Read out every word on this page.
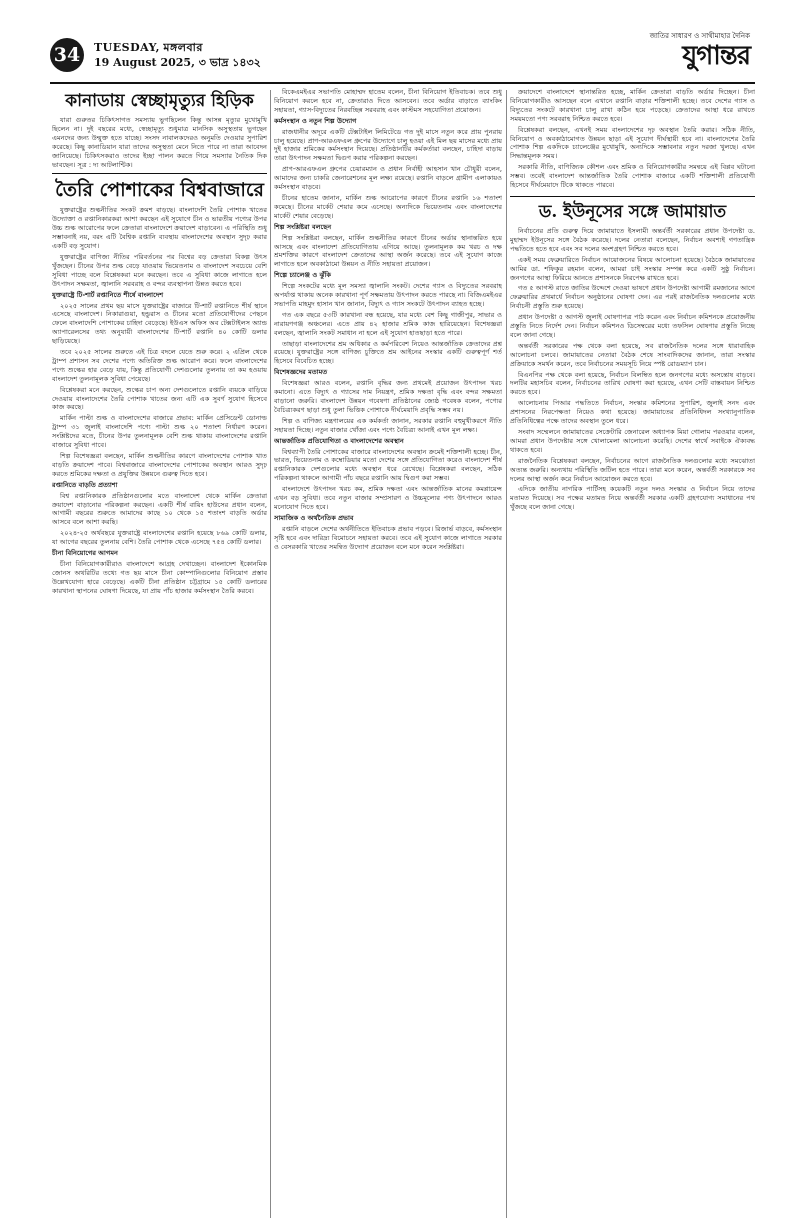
34	TUESDAY, মঙ্গলবার
19 August 2025, ৩ ভাদ্র ১৪৩২
জাতির সাধারণ ও সাথীমাহার দৈনিক
যুগান্তর
কানাডায় স্বেচ্ছামৃত্যুর হিড়িক

যারা গুরুতর চিকিৎসাগত সমস্যায় ভুগছিলেন কিন্তু আসন্ন মৃত্যুর মুখোমুখি ছিলেন না। দুই বছরের মধ্যে, স্বেচ্ছামৃত্যু শুধুমাত্র মানসিক অসুস্থতায় ভুগছেন এমনদের জন্য উন্মুক্ত হতে যাচ্ছে। সংসদ নাবালকদেরও অনুমতি দেওয়ার সুপারিশ করেছে। কিছু কানাডিয়ান যারা তাদের অসুস্থতা মেনে নিতে পারে না তারা আবেদন জানিয়েছে। চিকিৎসকরাও তাদের ইচ্ছা পালন করতে গিয়ে সমস্যার নৈতিক দিক ভাবছেন। সূত্র : দ্য আটলান্টিক।

তৈরি পোশাকের বিশ্ববাজারে

যুক্তরাষ্ট্রের শুল্কনীতির সংকট ক্রমশ বাড়ছে। বাংলাদেশি তৈরি পোশাক খাতের উদ্যোক্তা ও রপ্তানিকারকরা আশা করছেন এই সুযোগে চীন ও ভারতীয় পণ্যের উপর উচ্চ শুল্ক আরোপের ফলে ক্রেতারা বাংলাদেশে ক্রয়াদেশ বাড়াবেন। এ পরিস্থিতি শুধু সম্ভাবনাই নয়, বরং এটি বৈশ্বিক রপ্তানি ব্যবস্থায় বাংলাদেশের অবস্থান সুদৃঢ় করার একটি বড় সুযোগ।

যুক্তরাষ্ট্রের বাণিজ্য নীতির পরিবর্তনের পর বিশ্বের বড় ক্রেতারা বিকল্প উৎস খুঁজছেন। চীনের উপর শুল্ক বেড়ে যাওয়ায় ভিয়েতনাম ও বাংলাদেশ সবচেয়ে বেশি সুবিধা পাচ্ছে বলে বিশ্লেষকরা মনে করছেন। তবে এ সুবিধা কাজে লাগাতে হলে উৎপাদন সক্ষমতা, জ্বালানি সরবরাহ ও বন্দর ব্যবস্থাপনা উন্নত করতে হবে।

যুক্তরাষ্ট্রে টি-শার্ট রপ্তানিতে শীর্ষে বাংলাদেশ

২০২৫ সালের প্রথম ছয় মাসে যুক্তরাষ্ট্রের বাজারে টি-শার্ট রপ্তানিতে শীর্ষ স্থানে এসেছে বাংলাদেশ। নিকারাগুয়া, হন্ডুরাস ও চীনের মতো প্রতিযোগীদের পেছনে ফেলে বাংলাদেশি পোশাকের চাহিদা বেড়েছে। ইউএস অফিস অব টেক্সটাইলস অ্যান্ড অ্যাপারেলসের তথ্য অনুযায়ী বাংলাদেশের টি-শার্ট রপ্তানি ৪০ কোটি ডলার ছাড়িয়েছে।

তবে ২০২৫ সালের শুরুতে এই চিত্র বদলে যেতে শুরু করে। ২ এপ্রিল থেকে ট্রাম্প প্রশাসন সব দেশের পণ্যে অতিরিক্ত শুল্ক আরোপ করে। ফলে বাংলাদেশের পণ্যে শুল্কের হার বেড়ে যায়, কিন্তু প্রতিযোগী দেশগুলোর তুলনায় তা কম হওয়ায় বাংলাদেশ তুলনামূলক সুবিধা পেয়েছে।

বিশ্লেষকরা মনে করছেন, শুল্কের চাপ অন্য দেশগুলোতে রপ্তানি ব্যয়কে বাড়িয়ে দেওয়ায় বাংলাদেশের তৈরি পোশাক খাতের জন্য এটি এক সুবর্ণ সুযোগ হিসেবে কাজ করছে।

মার্কিন পাল্টা শুল্ক ও বাংলাদেশের বাজারে প্রভাব: মার্কিন প্রেসিডেন্ট ডোনাল্ড ট্রাম্প ৩১ জুলাই বাংলাদেশি পণ্যে পাল্টা শুল্ক ২০ শতাংশ নির্ধারণ করেন। সংশ্লিষ্টদের মতে, চীনের উপর তুলনামূলক বেশি শুল্ক থাকায় বাংলাদেশের রপ্তানি বাজারে সুবিধা পাবে।

শিল্প বিশেষজ্ঞরা বলছেন, মার্কিন শুল্কনীতির কারণে বাংলাদেশের পোশাক খাত বাড়তি ক্রয়াদেশ পাবে। বিশ্ববাজারে বাংলাদেশের পোশাকের অবস্থান আরও সুদৃঢ় করতে শ্রমিকের দক্ষতা ও প্রযুক্তির উন্নয়নে গুরুত্ব দিতে হবে।

রপ্তানিতে বাড়তি প্রত্যাশা

বিশ্ব রপ্তানিকারক প্রতিষ্ঠানগুলোর মতে বাংলাদেশ থেকে মার্কিন ক্রেতারা ক্রয়াদেশ বাড়ানোর পরিকল্পনা করছেন। একটি শীর্ষ বায়িং হাউসের প্রধান বলেন, আগামী বছরের শুরুতে আমাদের কাছে ১০ থেকে ১৫ শতাংশ বাড়তি অর্ডার আসবে বলে আশা করছি।

২০২৪-২৫ অর্থবছরে যুক্তরাষ্ট্রে বাংলাদেশের রপ্তানি হয়েছে ৮৬৯ কোটি ডলার, যা আগের বছরের তুলনায় বেশি। তৈরি পোশাক থেকে এসেছে ৭৫৪ কোটি ডলার।

চীনা বিনিয়োগের আগমন

চীনা বিনিয়োগকারীরাও বাংলাদেশে আগ্রহ দেখাচ্ছেন। বাংলাদেশ ইকোনমিক জোনস অথরিটির তথ্যে গত ছয় মাসে চীনা কোম্পানিগুলোর বিনিয়োগ প্রস্তাব উল্লেখযোগ্য হারে বেড়েছে। একটি চীনা প্রতিষ্ঠান চট্টগ্রামে ১৫ কোটি ডলারের কারখানা স্থাপনের ঘোষণা দিয়েছে, যা প্রায় পাঁচ হাজার কর্মসংস্থান তৈরি করবে।

বিকেএমইএর সভাপতি মোহাম্মদ হাতেম বলেন, চীনা বিনিয়োগ ইতিবাচক। তবে শুধু বিনিয়োগ করলে হবে না, ক্রেতারাও দিতে আসবেন। তবে অর্ডার বাড়াতে ব্যাংকিং সহায়তা, গ্যাস-বিদ্যুতের নিরবচ্ছিন্ন সরবরাহ এবং কাস্টমস সহযোগিতা প্রয়োজন।

কর্মসংস্থান ও নতুন শিল্প উদ্যোগ

রাজধানীর অদূরে একটি টেক্সটাইল লিমিটেডে গত দুই মাসে নতুন করে প্রায় পুনরায় চালু হয়েছে। প্রাণ-আরএফএল গ্রুপের উদ্যোগে চালু হওয়া এই মিল ছয় মাসের মধ্যে প্রায় দুই হাজার শ্রমিকের কর্মসংস্থান দিয়েছে। প্রতিষ্ঠানটির কর্মকর্তারা বলছেন, চাহিদা বাড়ায় তারা উৎপাদন সক্ষমতা দ্বিগুণ করার পরিকল্পনা করছেন।

প্রাণ-আরএফএল গ্রুপের চেয়ারম্যান ও প্রধান নির্বাহী আহসান খান চৌধুরী বলেন, আমাদের জন্য চাকরি জেনারেশনের মূল লক্ষ্য রয়েছে। রপ্তানি বাড়লে গ্রামীণ এলাকায়ও কর্মসংস্থান বাড়বে।

চীনের হাতেম জানান, মার্কিন শুল্ক আরোপের কারণে চীনের রপ্তানি ১৬ শতাংশ কমেছে। চীনের মার্কেট শেয়ার কমে এসেছে। অন্যদিকে ভিয়েতনাম এবং বাংলাদেশের মার্কেট শেয়ার বেড়েছে।

শিল্প সংশ্লিষ্টরা বলছেন

শিল্প সংশ্লিষ্টরা বলছেন, মার্কিন শুল্কনীতির কারণে চীনের অর্ডার স্থানান্তরিত হয়ে আসছে এবং বাংলাদেশ প্রতিযোগিতায় এগিয়ে আছে। তুলনামূলক কম খরচ ও দক্ষ শ্রমশক্তির কারণে বাংলাদেশ ক্রেতাদের আস্থা অর্জন করেছে। তবে এই সুযোগ কাজে লাগাতে হলে অবকাঠামো উন্নয়ন ও নীতি সহায়তা প্রয়োজন।

শিল্পে চ্যালেঞ্জ ও ঝুঁকি

শিল্পে সংকটের মধ্যে মূল সমস্যা জ্বালানি সংকট। দেশের গ্যাস ও বিদ্যুতের সরবরাহ অপর্যাপ্ত থাকায় অনেক কারখানা পূর্ণ সক্ষমতায় উৎপাদন করতে পারছে না। বিজিএমইএর সভাপতি মাহমুদ হাসান খান জানান, বিদ্যুৎ ও গ্যাস সংকটে উৎপাদন ব্যাহত হচ্ছে।

গত এক বছরে ৫৩টি কারখানা বন্ধ হয়েছে, যার মধ্যে বেশ কিছু গাজীপুর, সাভার ও নারায়ণগঞ্জ অঞ্চলের। এতে প্রায় ৪২ হাজার শ্রমিক কাজ হারিয়েছেন। বিশেষজ্ঞরা বলছেন, জ্বালানি সংকট সমাধান না হলে এই সুযোগ হাতছাড়া হতে পারে।

তাছাড়া বাংলাদেশের শ্রম অধিকার ও কর্মপরিবেশ নিয়েও আন্তর্জাতিক ক্রেতাদের প্রশ্ন রয়েছে। যুক্তরাষ্ট্রের সঙ্গে বাণিজ্য চুক্তিতে শ্রম আইনের সংস্কার একটি গুরুত্বপূর্ণ শর্ত হিসেবে বিবেচিত হচ্ছে।

বিশেষজ্ঞদের মতামত

বিশেষজ্ঞরা আরও বলেন, রপ্তানি বৃদ্ধির জন্য প্রথমেই প্রয়োজন উৎপাদন খরচ কমানো। এতে বিদ্যুৎ ও গ্যাসের দাম নিয়ন্ত্রণ, শ্রমিক দক্ষতা বৃদ্ধি এবং বন্দর সক্ষমতা বাড়ানো জরুরি। বাংলাদেশ উন্নয়ন গবেষণা প্রতিষ্ঠানের জ্যেষ্ঠ গবেষক বলেন, পণ্যের বৈচিত্র্যকরণ ছাড়া শুধু তুলা ভিত্তিক পোশাকে দীর্ঘমেয়াদি প্রবৃদ্ধি সম্ভব নয়।

শিল্প ও বাণিজ্য মন্ত্রণালয়ের এক কর্মকর্তা জানান, সরকার রপ্তানি বহুমুখীকরণে নীতি সহায়তা দিচ্ছে। নতুন বাজার খোঁজা এবং পণ্যে বৈচিত্র্য আনাই এখন মূল লক্ষ্য।

আন্তর্জাতিক প্রতিযোগিতা ও বাংলাদেশের অবস্থান

বিশ্বব্যাপী তৈরি পোশাকের বাজারে বাংলাদেশের অবস্থান ক্রমেই শক্তিশালী হচ্ছে। চীন, ভারত, ভিয়েতনাম ও কম্বোডিয়ার মতো দেশের সঙ্গে প্রতিযোগিতা করেও বাংলাদেশ শীর্ষ রপ্তানিকারক দেশগুলোর মধ্যে অবস্থান ধরে রেখেছে। বিশ্লেষকরা বলছেন, সঠিক পরিকল্পনা থাকলে আগামী পাঁচ বছরে রপ্তানি আয় দ্বিগুণ করা সম্ভব।

বাংলাদেশে উৎপাদন খরচ কম, শ্রমিক দক্ষতা এবং আন্তর্জাতিক মানের কমপ্লায়েন্স এখন বড় সুবিধা। তবে নতুন বাজার সম্প্রসারণ ও উচ্চমূল্যের পণ্য উৎপাদনে আরও মনোযোগ দিতে হবে।

সামাজিক ও অর্থনৈতিক প্রভাব

রপ্তানি বাড়লে দেশের অর্থনীতিতে ইতিবাচক প্রভাব পড়বে। রিজার্ভ বাড়বে, কর্মসংস্থান সৃষ্টি হবে এবং দারিদ্র্য বিমোচনে সহায়তা করবে। তবে এই সুযোগ কাজে লাগাতে সরকার ও বেসরকারি খাতের সমন্বিত উদ্যোগ প্রয়োজন বলে মনে করেন সংশ্লিষ্টরা।

ক্রয়াদেশে বাংলাদেশে স্থানান্তরিত হচ্ছে, মার্কিন ক্রেতারা বাড়তি অর্ডার দিচ্ছেন। চীনা বিনিয়োগকারীও আসছেন বলে এখানে রপ্তানি বাড়ার শক্তিশালী হচ্ছে। তবে দেশের গ্যাস ও বিদ্যুতের সংকটে কারখানা চালু রাখা কঠিন হয়ে পড়েছে। ক্রেতাদের আস্থা ধরে রাখতে সময়মতো পণ্য সরবরাহ নিশ্চিত করতে হবে।

বিশ্লেষকরা বলছেন, এখনই সময় বাংলাদেশের দৃঢ় অবস্থান তৈরি করার। সঠিক নীতি, বিনিয়োগ ও অবকাঠামোগত উন্নয়ন ছাড়া এই সুযোগ দীর্ঘস্থায়ী হবে না। বাংলাদেশের তৈরি পোশাক শিল্প একদিকে চ্যালেঞ্জের মুখোমুখি, অন্যদিকে সম্ভাবনার নতুন দরজা খুলছে। এখন সিদ্ধান্তমূলক সময়।

সরকারি নীতি, বাণিজ্যিক কৌশল এবং শ্রমিক ও বিনিয়োগকারীর সমন্বয়ে এই বিপ্লব ঘটানো সম্ভব। তবেই বাংলাদেশ আন্তর্জাতিক তৈরি পোশাক বাজারে একটি শক্তিশালী প্রতিযোগী হিসেবে দীর্ঘমেয়াদে টিকে থাকতে পারবে।

ড. ইউনূসের সঙ্গে জামায়াত

নির্বাচনের প্রতি গুরুত্ব দিয়ে জামায়াতে ইসলামী অন্তর্বর্তী সরকারের প্রধান উপদেষ্টা ড. মুহাম্মদ ইউনূসের সঙ্গে বৈঠক করেছে। দলের নেতারা বলেছেন, নির্বাচন অবশ্যই গণতান্ত্রিক পদ্ধতিতে হতে হবে এবং সব দলের অংশগ্রহণ নিশ্চিত করতে হবে।

একই সময় ফেব্রুয়ারিতে নির্বাচন আয়োজনের বিষয়ে আলোচনা হয়েছে। বৈঠকে জামায়াতের আমির ডা. শফিকুর রহমান বলেন, আমরা চাই সংস্কার সম্পন্ন করে একটি সুষ্ঠু নির্বাচন। জনগণের আস্থা ফিরিয়ে আনতে প্রশাসনকে নিরপেক্ষ রাখতে হবে।

গত ৫ আগস্ট রাতে জাতির উদ্দেশে দেওয়া ভাষণে প্রধান উপদেষ্টা আগামী রমজানের আগে ফেব্রুয়ারির প্রথমার্ধে নির্বাচন অনুষ্ঠানের ঘোষণা দেন। এর পরই রাজনৈতিক দলগুলোর মধ্যে নির্বাচনী প্রস্তুতি শুরু হয়েছে।

প্রধান উপদেষ্টা ৫ আগস্ট জুলাই ঘোষণাপত্র পাঠ করেন এবং নির্বাচন কমিশনকে প্রয়োজনীয় প্রস্তুতি নিতে নির্দেশ দেন। নির্বাচন কমিশনও ডিসেম্বরের মধ্যে তফসিল ঘোষণার প্রস্তুতি নিচ্ছে বলে জানা গেছে।

অন্তর্বর্তী সরকারের পক্ষ থেকে বলা হয়েছে, সব রাজনৈতিক দলের সঙ্গে ধারাবাহিক আলোচনা চলবে। জামায়াতের নেতারা বৈঠক শেষে সাংবাদিকদের জানান, তারা সংস্কার প্রক্রিয়াকে সমর্থন করেন, তবে নির্বাচনের সময়সূচি নিয়ে স্পষ্ট রোডম্যাপ চান।

বিএনপির পক্ষ থেকে বলা হয়েছে, নির্বাচন বিলম্বিত হলে জনগণের মধ্যে অসন্তোষ বাড়বে। দলটির মহাসচিব বলেন, নির্বাচনের তারিখ ঘোষণা করা হয়েছে, এখন সেটি বাস্তবায়ন নিশ্চিত করতে হবে।

আলোচনায় পিআর পদ্ধতিতে নির্বাচন, সংস্কার কমিশনের সুপারিশ, জুলাই সনদ এবং প্রশাসনের নিরপেক্ষতা নিয়েও কথা হয়েছে। জামায়াতের প্রতিনিধিদল সংখ্যানুপাতিক প্রতিনিধিত্বের পক্ষে তাদের অবস্থান তুলে ধরে।

সংবাদ সম্মেলনে জামায়াতের সেক্রেটারি জেনারেল অধ্যাপক মিয়া গোলাম পরওয়ার বলেন, আমরা প্রধান উপদেষ্টার সঙ্গে খোলামেলা আলোচনা করেছি। দেশের স্বার্থে সবাইকে ঐক্যবদ্ধ থাকতে হবে।

রাজনৈতিক বিশ্লেষকরা বলছেন, নির্বাচনের আগে রাজনৈতিক দলগুলোর মধ্যে সমঝোতা অত্যন্ত জরুরি। অন্যথায় পরিস্থিতি জটিল হতে পারে। তারা মনে করেন, অন্তর্বর্তী সরকারকে সব দলের আস্থা অর্জন করে নির্বাচন আয়োজন করতে হবে।

এদিকে জাতীয় নাগরিক পার্টিসহ কয়েকটি নতুন দলও সংস্কার ও নির্বাচন নিয়ে তাদের মতামত দিয়েছে। সব পক্ষের মতামত নিয়ে অন্তর্বর্তী সরকার একটি গ্রহণযোগ্য সমাধানের পথ খুঁজছে বলে জানা গেছে।
